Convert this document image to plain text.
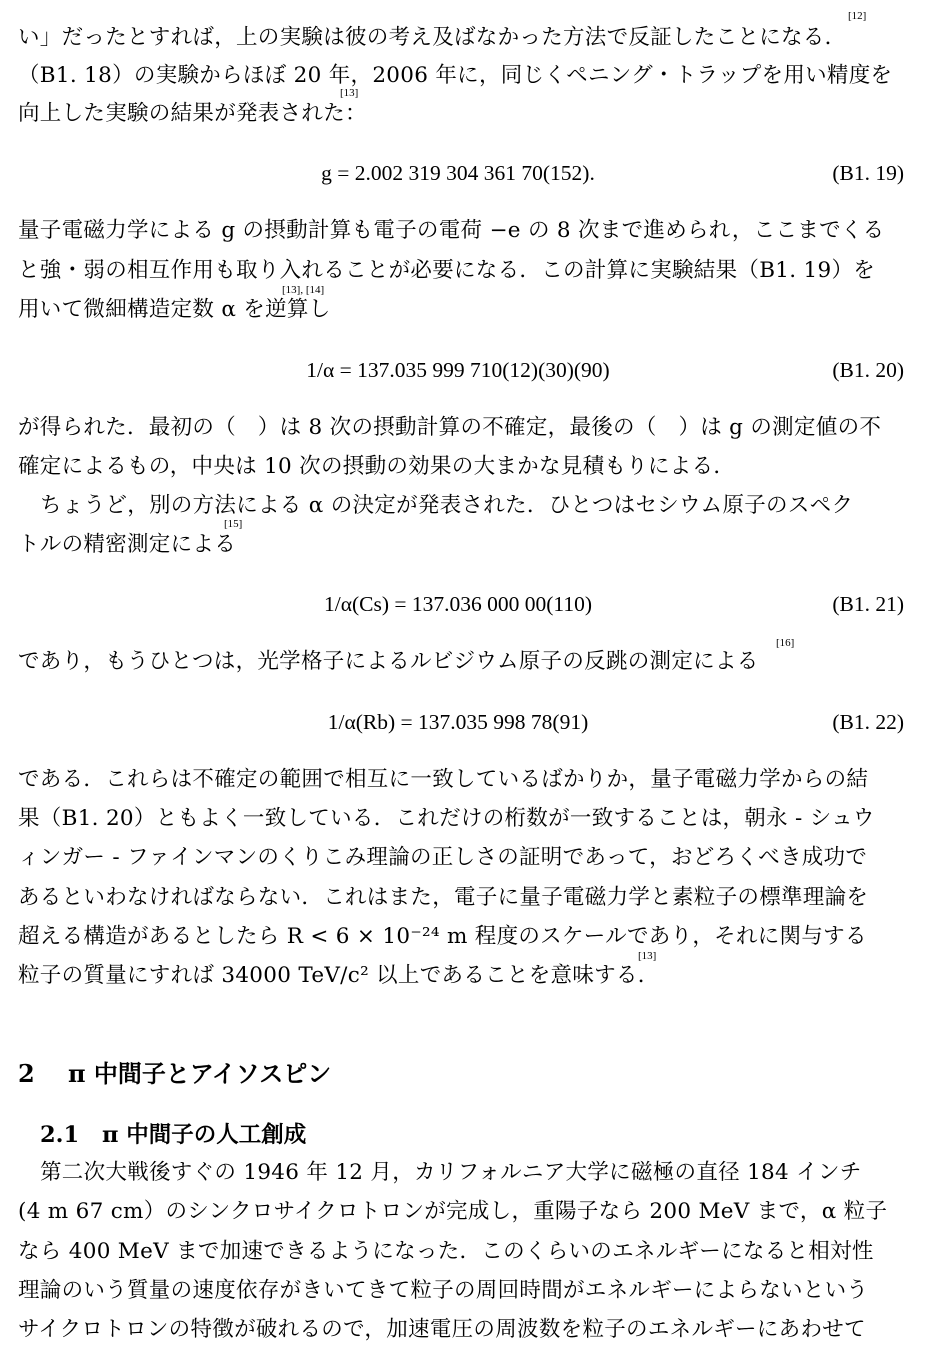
い」だったとすれば，上の実験は彼の考え及ばなかった方法で反証したことになる．
[12]
（B1. 18）の実験からほぼ 20 年，2006 年に，同じくペニング・トラップを用い精度を
向上した実験の結果が発表された：
[13]
g = 2.002 319 304 361 70(152).	(B1. 19)
量子電磁力学による g の摂動計算も電子の電荷 −e の 8 次まで進められ，ここまでくる
と強・弱の相互作用も取り入れることが必要になる．この計算に実験結果（B1. 19）を
用いて微細構造定数 α を逆算し
[13], [14]
1/α = 137.035 999 710(12)(30)(90)	(B1. 20)
が得られた．最初の（　）は 8 次の摂動計算の不確定，最後の（　）は g の測定値の不
確定によるもの，中央は 10 次の摂動の効果の大まかな見積もりによる．
ちょうど，別の方法による α の決定が発表された．ひとつはセシウム原子のスペク
トルの精密測定による
[15]
1/α(Cs) = 137.036 000 00(110)	(B1. 21)
であり，もうひとつは，光学格子によるルビジウム原子の反跳の測定による
[16]
1/α(Rb) = 137.035 998 78(91)	(B1. 22)
である．これらは不確定の範囲で相互に一致しているばかりか，量子電磁力学からの結
果（B1. 20）ともよく一致している．これだけの桁数が一致することは，朝永 - シュウ
ィンガー - ファインマンのくりこみ理論の正しさの証明であって，おどろくべき成功で
あるといわなければならない．これはまた，電子に量子電磁力学と素粒子の標準理論を
超える構造があるとしたら R < 6 × 10⁻²⁴ m 程度のスケールであり，それに関与する
粒子の質量にすれば 34000 TeV/c² 以上であることを意味する．
[13]
2 π 中間子とアイソスピン
2.1 π 中間子の人工創成
第二次大戦後すぐの 1946 年 12 月，カリフォルニア大学に磁極の直径 184 インチ
(4 m 67 cm）のシンクロサイクロトロンが完成し，重陽子なら 200 MeV まで，α 粒子
なら 400 MeV まで加速できるようになった．このくらいのエネルギーになると相対性
理論のいう質量の速度依存がきいてきて粒子の周回時間がエネルギーによらないという
サイクロトロンの特徴が破れるので，加速電圧の周波数を粒子のエネルギーにあわせて
